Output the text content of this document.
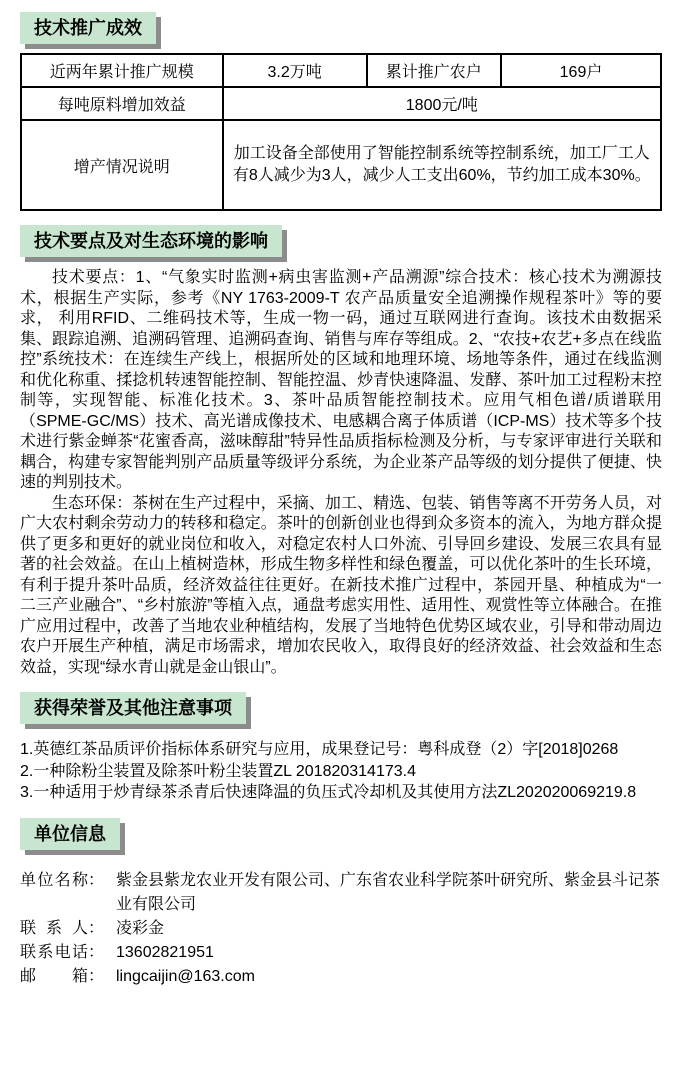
技术推广成效
近两年累计推广规模	3.2万吨	累计推广农户	169户
每吨原料增加效益	1800元/吨		
增产情况说明	加工设备全部使用了智能控制系统等控制系统，加工厂工人有8人减少为3人，减少人工支出60%，节约加工成本30%。		
技术要点及对生态环境的影响

技术要点：1、“气象实时监测+病虫害监测+产品溯源”综合技术：核心技术为溯源技术，根据生产实际，参考《NY 1763-2009-T 农产品质量安全追溯操作规程茶叶》等的要求， 利用RFID、二维码技术等，生成一物一码，通过互联网进行查询。该技术由数据采集、跟踪追溯、追溯码管理、追溯码查询、销售与库存等组成。2、“农技+农艺+多点在线监控”系统技术：在连续生产线上，根据所处的区域和地理环境、场地等条件，通过在线监测和优化称重、揉捻机转速智能控制、智能控温、炒青快速降温、发酵、茶叶加工过程粉末控制等，实现智能、标准化技术。3、茶叶品质智能控制技术。应用气相色谱/质谱联用（SPME-GC/MS）技术、高光谱成像技术、电感耦合离子体质谱（ICP-MS）技术等多个技术进行紫金蝉茶“花蜜香高，滋味醇甜”特异性品质指标检测及分析，与专家评审进行关联和耦合，构建专家智能判别产品质量等级评分系统，为企业茶产品等级的划分提供了便捷、快速的判别技术。

生态环保：茶树在生产过程中，采摘、加工、精选、包装、销售等离不开劳务人员，对广大农村剩余劳动力的转移和稳定。茶叶的创新创业也得到众多资本的流入，为地方群众提供了更多和更好的就业岗位和收入，对稳定农村人口外流、引导回乡建设、发展三农具有显著的社会效益。在山上植树造林，形成生物多样性和绿色覆盖，可以优化茶叶的生长环境，有利于提升茶叶品质，经济效益往往更好。在新技术推广过程中，茶园开垦、种植成为“一二三产业融合”、“乡村旅游”等植入点，通盘考虑实用性、适用性、观赏性等立体融合。在推广应用过程中，改善了当地农业种植结构，发展了当地特色优势区域农业，引导和带动周边农户开展生产种植，满足市场需求，增加农民收入，取得良好的经济效益、社会效益和生态效益，实现“绿水青山就是金山银山”。

获得荣誉及其他注意事项
1.英德红茶品质评价指标体系研究与应用，成果登记号：粤科成登（2）字[2018]0268
2.一种除粉尘装置及除茶叶粉尘装置ZL 201820314173.4
3.一种适用于炒青绿茶杀青后快速降温的负压式冷却机及其使用方法ZL202020069219.8
单位信息
单位名称： 紫金县紫龙农业开发有限公司、广东省农业科学院茶叶研究所、紫金县斗记茶业有限公司
联系人： 凌彩金
联系电话： 13602821951
邮箱： lingcaijin@163.com
